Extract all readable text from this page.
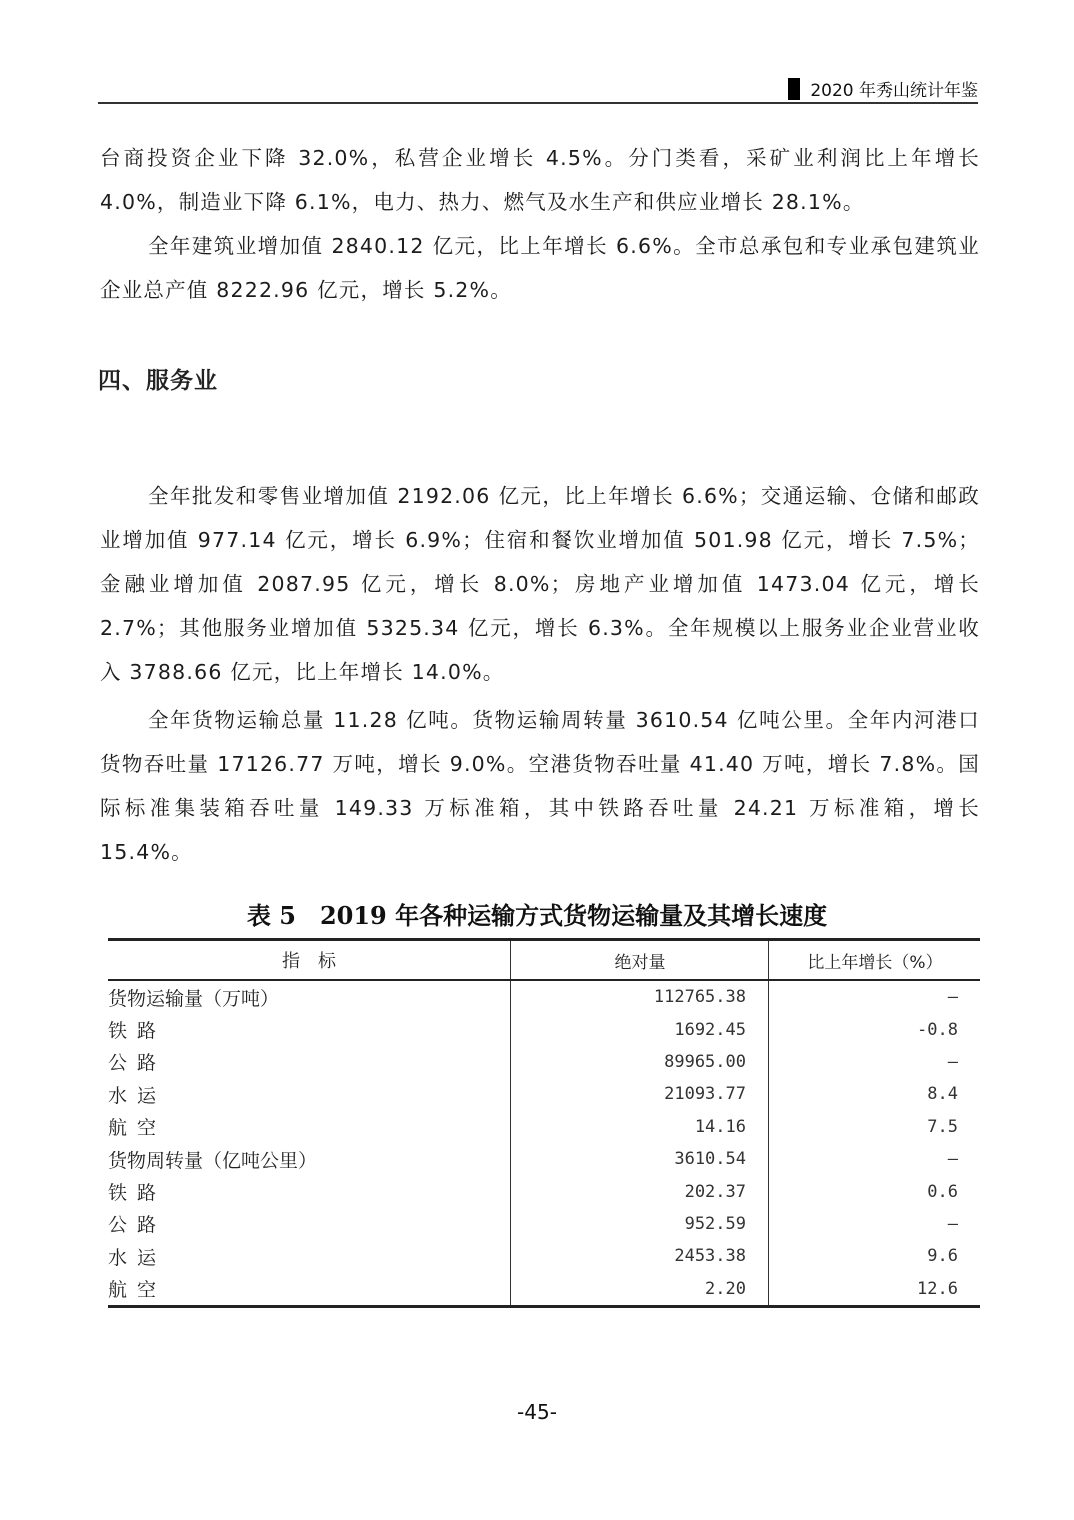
2020 年秀山统计年鉴
台商投资企业下降 32.0%，私营企业增长 4.5%。分门类看，采矿业利润比上年增长 4.0%，制造业下降 6.1%，电力、热力、燃气及水生产和供应业增长 28.1%。
全年建筑业增加值 2840.12 亿元，比上年增长 6.6%。全市总承包和专业承包建筑业企业总产值 8222.96 亿元，增长 5.2%。
四、服务业
全年批发和零售业增加值 2192.06 亿元，比上年增长 6.6%；交通运输、仓储和邮政业增加值 977.14 亿元，增长 6.9%；住宿和餐饮业增加值 501.98 亿元，增长 7.5%；金融业增加值 2087.95 亿元，增长 8.0%；房地产业增加值 1473.04 亿元，增长 2.7%；其他服务业增加值 5325.34 亿元，增长 6.3%。全年规模以上服务业企业营业收入 3788.66 亿元，比上年增长 14.0%。
全年货物运输总量 11.28 亿吨。货物运输周转量 3610.54 亿吨公里。全年内河港口货物吞吐量 17126.77 万吨，增长 9.0%。空港货物吞吐量 41.40 万吨，增长 7.8%。国际标准集装箱吞吐量 149.33 万标准箱，其中铁路吞吐量 24.21 万标准箱，增长 15.4%。
表 5　2019 年各种运输方式货物运输量及其增长速度
指　标	绝对量	比上年增长（%）
货物运输量（万吨）	112765.38	—
铁路	1692.45	-0.8
公路	89965.00	—
水运	21093.77	8.4
航空	14.16	7.5
货物周转量（亿吨公里）	3610.54	—
铁路	202.37	0.6
公路	952.59	—
水运	2453.38	9.6
航空	2.20	12.6
-45-
